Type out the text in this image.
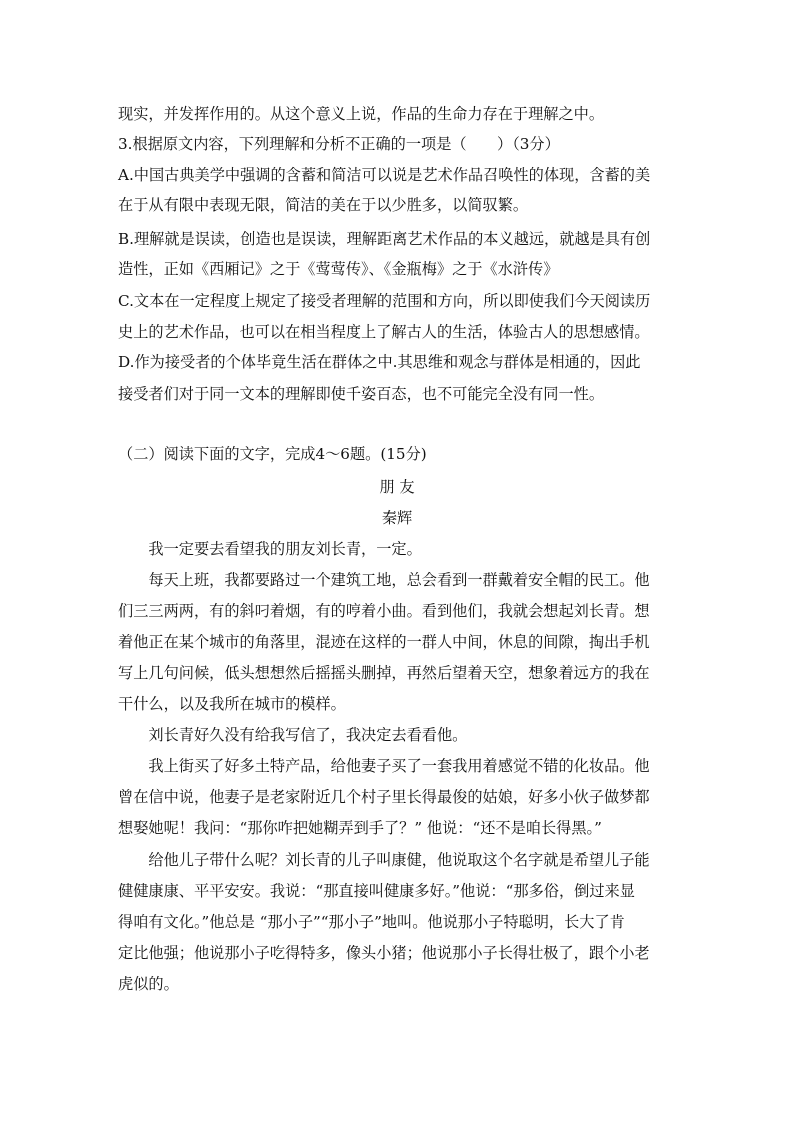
现实，并发挥作用的。从这个意义上说，作品的生命力存在于理解之中。
3.根据原文内容，下列理解和分析不正确的一项是（　　）（3分）
A.中国古典美学中强调的含蓄和简洁可以说是艺术作品召唤性的体现，含蓄的美
在于从有限中表现无限，简洁的美在于以少胜多，以简驭繁。
B.理解就是误读，创造也是误读，理解距离艺术作品的本义越远，就越是具有创
造性，正如《西厢记》之于《莺莺传》、《金瓶梅》之于《水浒传》
C.文本在一定程度上规定了接受者理解的范围和方向，所以即使我们今天阅读历
史上的艺术作品，也可以在相当程度上了解古人的生活，体验古人的思想感情。
D.作为接受者的个体毕竟生活在群体之中.其思维和观念与群体是相通的，因此
接受者们对于同一文本的理解即使千姿百态，也不可能完全没有同一性。
（二）阅读下面的文字，完成4～6题。(15分)
朋 友
秦辉
　　我一定要去看望我的朋友刘长青，一定。
　　每天上班，我都要路过一个建筑工地，总会看到一群戴着安全帽的民工。他
们三三两两，有的斜叼着烟，有的哼着小曲。看到他们，我就会想起刘长青。想
着他正在某个城市的角落里，混迹在这样的一群人中间，休息的间隙，掏出手机
写上几句问候，低头想想然后摇摇头删掉，再然后望着天空，想象着远方的我在
干什么，以及我所在城市的模样。
　　刘长青好久没有给我写信了，我决定去看看他。
　　我上街买了好多土特产品，给他妻子买了一套我用着感觉不错的化妆品。他
曾在信中说，他妻子是老家附近几个村子里长得最俊的姑娘，好多小伙子做梦都
想娶她呢！我问：“那你咋把她糊弄到手了？” 他说：“还不是咱长得黑。”
　　给他儿子带什么呢？刘长青的儿子叫康健，他说取这个名字就是希望儿子能
健健康康、平平安安。我说：“那直接叫健康多好。”他说：“那多俗，倒过来显
得咱有文化。”他总是 “那小子”“那小子”地叫。他说那小子特聪明，长大了肯
定比他强；他说那小子吃得特多，像头小猪；他说那小子长得壮极了，跟个小老
虎似的。
